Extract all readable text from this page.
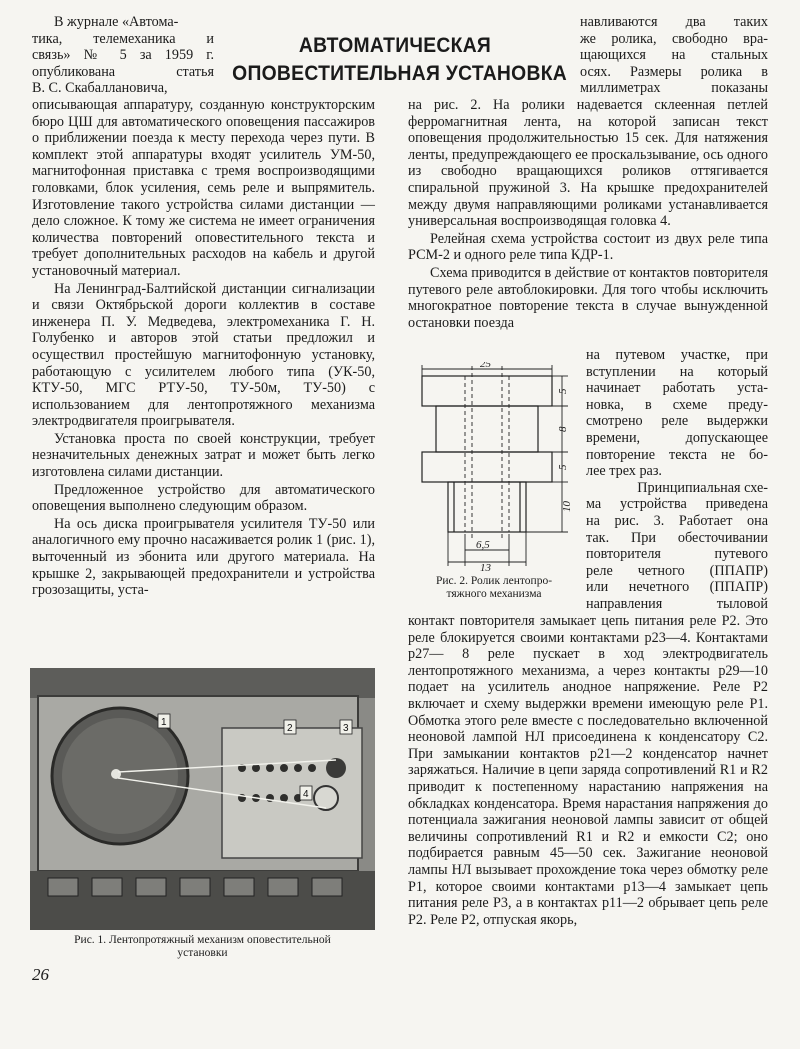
АВТОМАТИЧЕСКАЯ
ОПОВЕСТИТЕЛЬНАЯ УСТАНОВКА
В журнале «Автома-
тика, телемеханика и
связь» № 5 за 1959 г.
опубликована статья
В. С. Скабаллановича,

описывающая аппаратуру, созданную конструкторским бюро ЦШ для автоматического оповещения пассажиров о приближении поезда к месту перехода через пути. В комплект этой аппаратуры входят усилитель УМ-50, магнитофонная приставка с тремя воспроизводящими головками, блок усиления, семь реле и выпрямитель. Изготовление такого устройства силами дистанции — дело сложное. К тому же система не имеет ограничения количества повторений оповестительного текста и требует дополнительных расходов на кабель и другой установочный материал.

На Ленинград-Балтийской дистанции сигнализации и связи Октябрьской дороги коллектив в составе инженера П. У. Медведева, электромеханика Г. Н. Голубенко и авторов этой статьи предложил и осуществил простейшую магнитофонную установку, работающую с усилителем любого типа (УК-50, КТУ-50, МГС РТУ-50, ТУ-50м, ТУ-50) с использованием для лентопротяжного механизма электродвигателя проигрывателя.

Установка проста по своей конструкции, требует незначительных денежных затрат и может быть легко изготовлена силами дистанции.

Предложенное устройство для автоматического оповещения выполнено следующим образом.

На ось диска проигрывателя усилителя ТУ-50 или аналогичного ему прочно насаживается ролик 1 (рис. 1), выточенный из эбонита или другого материала. На крышке 2, закрывающей предохранители и устройства грозозащиты, уста-

навливаются два таких
же ролика, свободно вра-
щающихся на стальных
осях. Размеры ролика в
миллиметрах показаны

на рис. 2. На ролики надевается склеенная петлей ферромагнитная лента, на которой записан текст оповещения продолжительностью 15 сек. Для натяжения ленты, предупреждающего ее проскальзывание, ось одного из свободно вращающихся роликов оттягивается спиральной пружиной 3. На крышке предохранителей между двумя направляющими роликами устанавливается универсальная воспроизводящая головка 4.

Релейная схема устройства состоит из двух реле типа РСМ-2 и одного реле типа КДР-1.

Схема приводится в действие от контактов повторителя путевого реле автоблокировки. Для того чтобы исключить многократное повторение текста в случае вынужденной остановки поезда

на путевом участке, при
вступлении на который
начинает работать уста-
новка, в схеме преду-
смотрено реле выдержки
времени, допускающее
повторение текста не бо-
лее трех раз.
Принципиальная схе-
ма устройства приведена
на рис. 3. Работает она
так. При обесточивании
повторителя путевого
реле четного (ППАПР)
или нечетного (ППАПР)
направления тыловой
25
5
8
5
10
6,5
13
Рис. 2. Ролик лентопро-
тяжного механизма

контакт повторителя замыкает цепь питания реле Р2. Это реле блокируется своими контактами р23—4. Контактами р27— 8 реле пускает в ход электродвигатель лентопротяжного механизма, а через контакты р29—10 подает на усилитель анодное напряжение. Реле Р2 включает и схему выдержки времени имеющую реле Р1. Обмотка этого реле вместе с последовательно включенной неоновой лампой НЛ присоединена к конденсатору С2. При замыкании контактов р21—2 конденсатор начнет заряжаться. Наличие в цепи заряда сопротивлений R1 и R2 приводит к постепенному нарастанию напряжения на обкладках конденсатора. Время нарастания напряжения до потенциала зажигания неоновой лампы зависит от общей величины сопротивлений R1 и R2 и емкости С2; оно подбирается равным 45—50 сек. Зажигание неоновой лампы НЛ вызывает прохождение тока через обмотку реле Р1, которое своими контактами р13—4 замыкает цепь питания реле Р3, а в контактах р11—2 обрывает цепь реле Р2. Реле Р2, отпуская якорь,

1
2	3
4
Рис. 1. Лентопротяжный механизм оповестительной
установки
26
